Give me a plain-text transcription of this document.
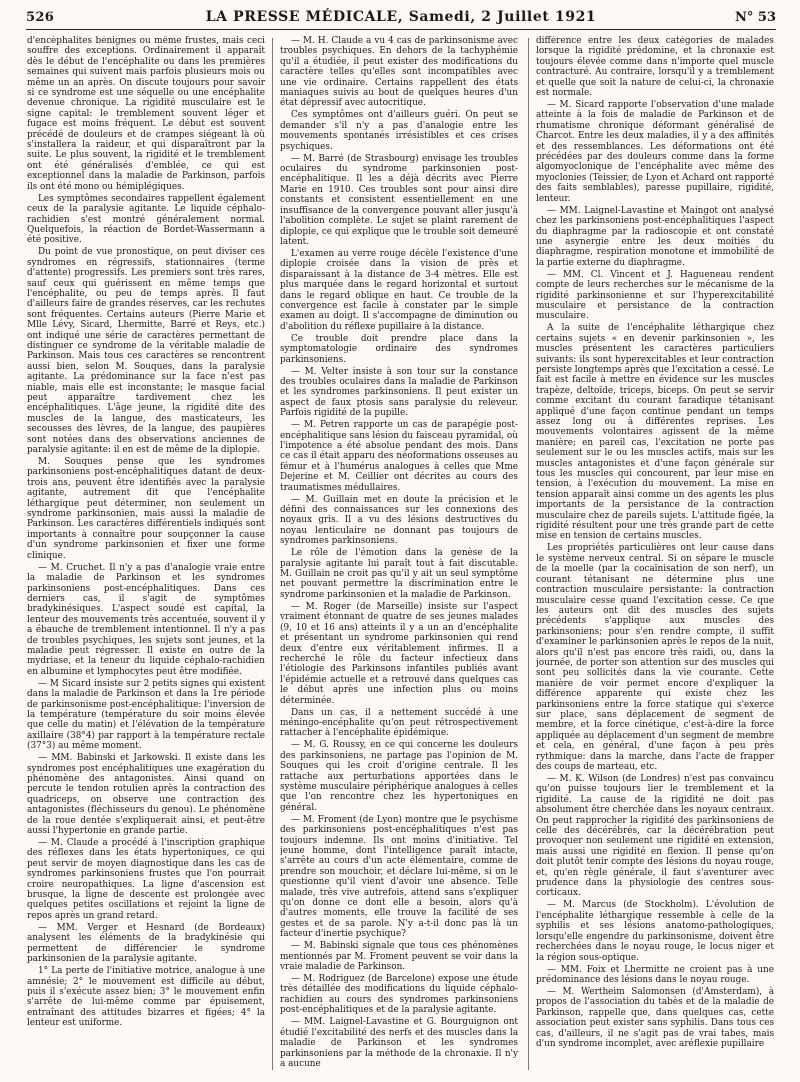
526	LA PRESSE MÉDICALE, Samedi, 2 Juillet 1921	N° 53

d'encéphalites bénignes ou même frustes, mais ceci souffre des exceptions. Ordinairement il apparaît dès le début de l'encéphalite ou dans les premières semaines qui suivent mais parfois plusieurs mois ou même un an après. On discute toujours pour savoir si ce syndrome est une séquelle ou une encéphalite devenue chronique. La rigidité musculaire est le signe capital: le tremblement souvent léger et fugace est moins fréquent. Le début est souvent précédé de douleurs et de crampes siégeant là où s'installera la raideur, et qui disparaîtront par la suite. Le plus souvent, la rigidité et le tremblement ont été généralisés d'emblée, ce qui est exceptionnel dans la maladie de Parkinson, parfois ils ont été mono ou hémiplégiques.

Les symptômes secondaires rappellent également ceux de la paralysie agitante. Le liquide céphalo-rachidien s'est montré généralement normal. Quelquefois, la réaction de Bordet-Wassermann a été positive.

Du point de vue pronostique, on peut diviser ces syndromes en régressifs, stationnaires (terme d'attente) progressifs. Les premiers sont très rares, sauf ceux qui guérissent en même temps que l'encéphalite, ou peu de temps après. Il faut d'ailleurs faire de grandes réserves, car les rechutes sont fréquentes. Certains auteurs (Pierre Marie et Mlle Lévy, Sicard, Lhermitte, Barré et Reys, etc.) ont indiqué une série de caractères permettant de distinguer ce syndrome de la véritable maladie de Parkinson. Mais tous ces caractères se rencontrent aussi bien, selon M. Souques, dans la paralysie agitante. La prédominance sur la face n'est pas niable, mais elle est inconstante; le masque facial peut apparaître tardivement chez les encéphalitiques. L'âge jeune, la rigidité dite des muscles de la langue, des masticateurs, les secousses des lèvres, de la langue, des paupières sont notées dans des observations anciennes de paralysie agitante: il en est de même de la diplopie.

M. Souques pense que les syndromes parkinsoniens post-encéphalitiques datant de deux-trois ans, peuvent être identifiés avec la paralysie agitante, autrement dit que l'encéphalite léthargique peut déterminer, non seulement un syndrome parkinsonien, mais aussi la maladie de Parkinson. Les caractères différentiels indiqués sont importants à connaître pour soupçonner la cause d'un syndrome parkinsonien et fixer une forme clinique.

— M. Cruchet. Il n'y a pas d'analogie vraie entre la maladie de Parkinson et les syndromes parkinsoniens post-encéphalitiques. Dans ces derniers cas, il s'agit de symptômes bradykinésiques. L'aspect soudé est capital, la lenteur des mouvements très accentuée, souvent il y a ébauche de tremblement intentionnel. Il n'y a pas de troubles psychiques, les sujets sont jeunes, et la maladie peut régresser. Il existe en outre de la mydriase, et la teneur du liquide céphalo-rachidien en albumine et lymphocytes peut être modifiée.

— M Sicard insiste sur 2 petits signes qui existent dans la maladie de Parkinson et dans la 1re période de parkinsonisme post-encéphalitique: l'inversion de la température (température du soir moins élevée que celle du matin) et l'élévation de la température axillaire (38°4) par rapport à la température rectale (37°3) au même moment.

— MM. Babinski et Jarkowski. Il existe dans les syndromes post encéphalitiques une exagération du phénomène des antagonistes. Ainsi quand on percute le tendon rotulien après la contraction des quadriceps, on observe une contraction des antagonistes (fléchisseurs du genou). Le phénomène de la roue dentée s'expliquerait ainsi, et peut-être aussi l'hypertonie en grande partie.

— M. Claude a procédé à l'inscription graphique des réflexes dans les états hypertoniques, ce qui peut servir de moyen diagnostique dans les cas de syndromes parkinsoniens frustes que l'on pourrait croire neuropathiques. La ligne d'ascension est brusque, la ligne de descente est prolongée avec quelques petites oscillations et rejoint la ligne de repos après un grand retard.

— MM. Verger et Hesnard (de Bordeaux) analysent les éléments de la bradykinésie qui permettent de différencier le syndrome parkinsonien de la paralysie agitante.

1° La perte de l'initiative motrice, analogue à une amnésie; 2° le mouvement est difficile au début, puis il s'exécute assez bien; 3° le mouvement enfin s'arrête de lui-même comme par épuisement, entraînant des attitudes bizarres et figées; 4° la lenteur est uniforme.

— M. H. Claude a vu 4 cas de parkinsonisme avec troubles psychiques. En dehors de la tachyphémie qu'il a étudiée, il peut exister des modifications du caractère telles qu'elles sont incompatibles avec une vie ordinaire. Certains rappellent des états maniaques suivis au bout de quelques heures d'un état dépressif avec autocritique.

Ces symptômes ont d'ailleurs guéri. On peut se demander s'il n'y a pas d'analogie entre les mouvements spontanés irrésistibles et ces crises psychiques.

— M. Barré (de Strasbourg) envisage les troubles oculaires du syndrome parkinsonien post-encéphalitique. Il les a déjà décrits avec Pierre Marie en 1910. Ces troubles sont pour ainsi dire constants et consistent essentiellement en une insuffisance de la convergence pouvant aller jusqu'à l'abolition complète. Le sujet se plaint rarement de diplopie, ce qui explique que le trouble soit demeuré latent.

L'examen au verre rouge décèle l'existence d'une diplopie croisée dans la vision de près et disparaissant à la distance de 3-4 mètres. Elle est plus marquée dans le regard horizontal et surtout dans le regard oblique en haut. Ce trouble de la convergence est facile à constater par le simple examen au doigt. Il s'accompagne de diminution ou d'abolition du réflexe pupillaire à la distance.

Ce trouble doit prendre place dans la symptomatologie ordinaire des syndromes parkinsoniens.

— M. Velter insiste à son tour sur la constance des troubles oculaires dans la maladie de Parkinson et les syndromes parkinsoniens. Il peut exister un aspect de faux ptosis sans paralysie du releveur. Parfois rigidité de la pupille.

— M. Petren rapporte un cas de parapégie post-encéphalitique sans lésion du faisceau pyramidal, où l'impotence a été absolue pendant des mois. Dans ce cas il était apparu des néoformations osseuses au fémur et à l'humérus analogues à celles que Mme Dejerine et M. Ceillier ont décrites au cours des traumatismes médullaires.

— M. Guillain met en doute la précision et le défini des connaissances sur les connexions des noyaux gris. Il a vu des lésions destructives du noyau lenticulaire ne donnant pas toujours de syndromes parkinsoniens.

Le rôle de l'émotion dans la genèse de la paralysie agitante lui paraît tout à fait discutable. M. Guillain ne croit pas qu'il y ait un seul symptôme net pouvant permettre la discrimination entre le syndrome parkinsonien et la maladie de Parkinson.

— M. Roger (de Marseille) insiste sur l'aspect vraiment étonnant de quatre de ses jeunes malades (9, 10 et 16 ans) atteints il y a un an d'encéphalite et présentant un syndrome parkinsonien qui rend deux d'entre eux véritablement infirmes. Il a recherché le rôle du facteur infectieux dans l'étiologie des Parkinsons infantiles publiés avant l'épidémie actuelle et a retrouvé dans quelques cas le début après une infection plus ou moins déterminée.

Dans un cas, il a nettement succédé à une méningo-encéphalite qu'on peut rétrospectivement rattacher à l'encéphalite épidémique.

— M. G. Roussy, en ce qui concerne les douleurs des parkinsoniens, ne partage pas l'opinion de M. Souques qui les croit d'origine centrale. Il les rattache aux perturbations apportées dans le système musculaire périphérique analogues à celles que l'on rencontre chez les hypertoniques en général.

— M. Froment (de Lyon) montre que le psychisme des parkinsoniens post-encéphalitiques n'est pas toujours indemne. Ils ont moins d'initiative. Tel jeune homme, dont l'intelligence paraît intacte, s'arrête au cours d'un acte élémentaire, comme de prendre son mouchoir, et déclare lui-même, si on le questionne qu'il vient d'avoir une absence. Telle malade, très vive autrefois, attend sans s'expliquer qu'on donne ce dont elle a besoin, alors qu'à d'autres moments, elle trouve la facilité de ses gestes et de sa parole. N'y a-t-il donc pas là un facteur d'inertie psychique?

— M. Babinski signale que tous ces phénomènes mentionnés par M. Froment peuvent se voir dans la vraie maladie de Parkinson.

— M. Rodriguez (de Barcelone) expose une étude très détaillée des modifications du liquide céphalo-rachidien au cours des syndromes parkinsoniens post-encéphalitiques et de la paralysie agitante.

— MM. Laignel-Lavastine et G. Bourguignon ont étudié l'excitabilité des nerfs et des muscles dans la maladie de Parkinson et les syndromes parkinsoniens par la méthode de la chronaxie. Il n'y a aucune

différence entre les deux catégories de malades lorsque la rigidité prédomine, et la chronaxie est toujours élevée comme dans n'importe quel muscle contracturé. Au contraire, lorsqu'il y a tremblement et quelle que soit la nature de celui-ci, la chronaxie est normale.

— M. Sicard rapporte l'observation d'une malade atteinte à la fois de maladie de Parkinson et de rhumatisme chronique déformant généralisé de Charcot. Entre les deux maladies, il y a des affinités et des ressemblances. Les déformations ont été précédées par des douleurs comme dans la forme algomyoclonique de l'encéphalite avec même des myoclonies (Teissier, de Lyon et Achard ont rapporté des faits semblables), paresse pupillaire, rigidité, lenteur.

— MM. Laignel-Lavastine et Maingot ont analysé chez les parkinsoniens post-encéphalitiques l'aspect du diaphragme par la radioscopie et ont constaté une asynergie entre les deux moitiés du diaphragme, respiration monotone et immobilité de la partie externe du diaphragme.

— MM. Cl. Vincent et J. Hagueneau rendent compte de leurs recherches sur le mécanisme de la rigidité parkinsonienne et sur l'hyperexcitabilité musculaire et persistance de la contraction musculaire.

A la suite de l'encéphalite léthargique chez certains sujets « en devenir parkinsonien », les muscles présentent les caractères particuliers suivants: ils sont hyperexcitables et leur contraction persiste longtemps après que l'excitation a cessé. Le fait est facile à mettre en évidence sur les muscles trapèze, deltoïde, triceps, biceps. On peut se servir comme excitant du courant faradique tétanisant appliqué d'une façon continue pendant un temps assez long ou à différentes reprises. Les mouvements volontaires agissent de la même manière; en pareil cas, l'excitation ne porte pas seulement sur le ou les muscles actifs, mais sur les muscles antagonistes et d'une façon générale sur tous les muscles qui concourent, par leur mise en tension, à l'exécution du mouvement. La mise en tension apparaît ainsi comme un des agents les plus importants de la persistance de la contraction musculaire chez de pareils sujets. L'attitude figée, la rigidité résultent pour une très grande part de cette mise en tension de certains muscles.

Les propriétés particulières ont leur cause dans le système nerveux central. Si on sépare le muscle de la moelle (par la cocaïnisation de son nerf), un courant tétanisant ne détermine plus une contraction musculaire persistante: la contraction musculaire cesse quand l'excitation cesse. Ce que les auteurs ont dit des muscles des sujets précédents s'applique aux muscles des parkinsoniens; pour s'en rendre compte, il suffit d'examiner le parkinsonien après le repos de la nuit, alors qu'il n'est pas encore très raidi, ou, dans la journée, de porter son attention sur des muscles qui sont peu sollicités dans la vie courante. Cette manière de voir permet encore d'expliquer la différence apparente qui existe chez les parkinsoniens entre la force statique qui s'exerce sur place, sans déplacement de segment de membre, et la force cinétique, c'est-à-dire la force appliquée au déplacement d'un segment de membre et cela, en général, d'une façon à peu près rythmique: dans la marche, dans l'acte de frapper des coups de marteau, etc.

— M. K. Wilson (de Londres) n'est pas convaincu qu'on puisse toujours lier le tremblement et la rigidité. La cause de la rigidité ne doit pas absolument être cherchée dans les noyaux centraux. On peut rapprocher la rigidité des parkinsoniens de celle des décérébrés, car la décérébration peut provoquer non seulement une rigidité en extension, mais aussi une rigidité en flexion. Il pense qu'on doit plutôt tenir compte des lésions du noyau rouge, et, qu'en règle générale, il faut s'aventurer avec prudence dans la physiologie des centres sous-corticaux.

— M. Marcus (de Stockholm). L'évolution de l'encéphalite léthargique ressemble à celle de la syphilis et ses lésions anatomo-pathologiques, lorsqu'elle engendre du parkinsonisme, doivent être recherchées dans le noyau rouge, le locus niger et la région sous-optique.

— MM. Foix et Lhermitte ne croient pas à une prédominance des lésions dans le noyau rouge.

— M. Wertheim Salomonsen (d'Amsterdam), à propos de l'association du tabès et de la maladie de Parkinson, rappelle que, dans quelques cas, cette association peut exister sans syphilis. Dans tous ces cas, d'ailleurs, il ne s'agit pas de vrai tabes, mais d'un syndrome incomplet, avec aréflexie pupillaire
